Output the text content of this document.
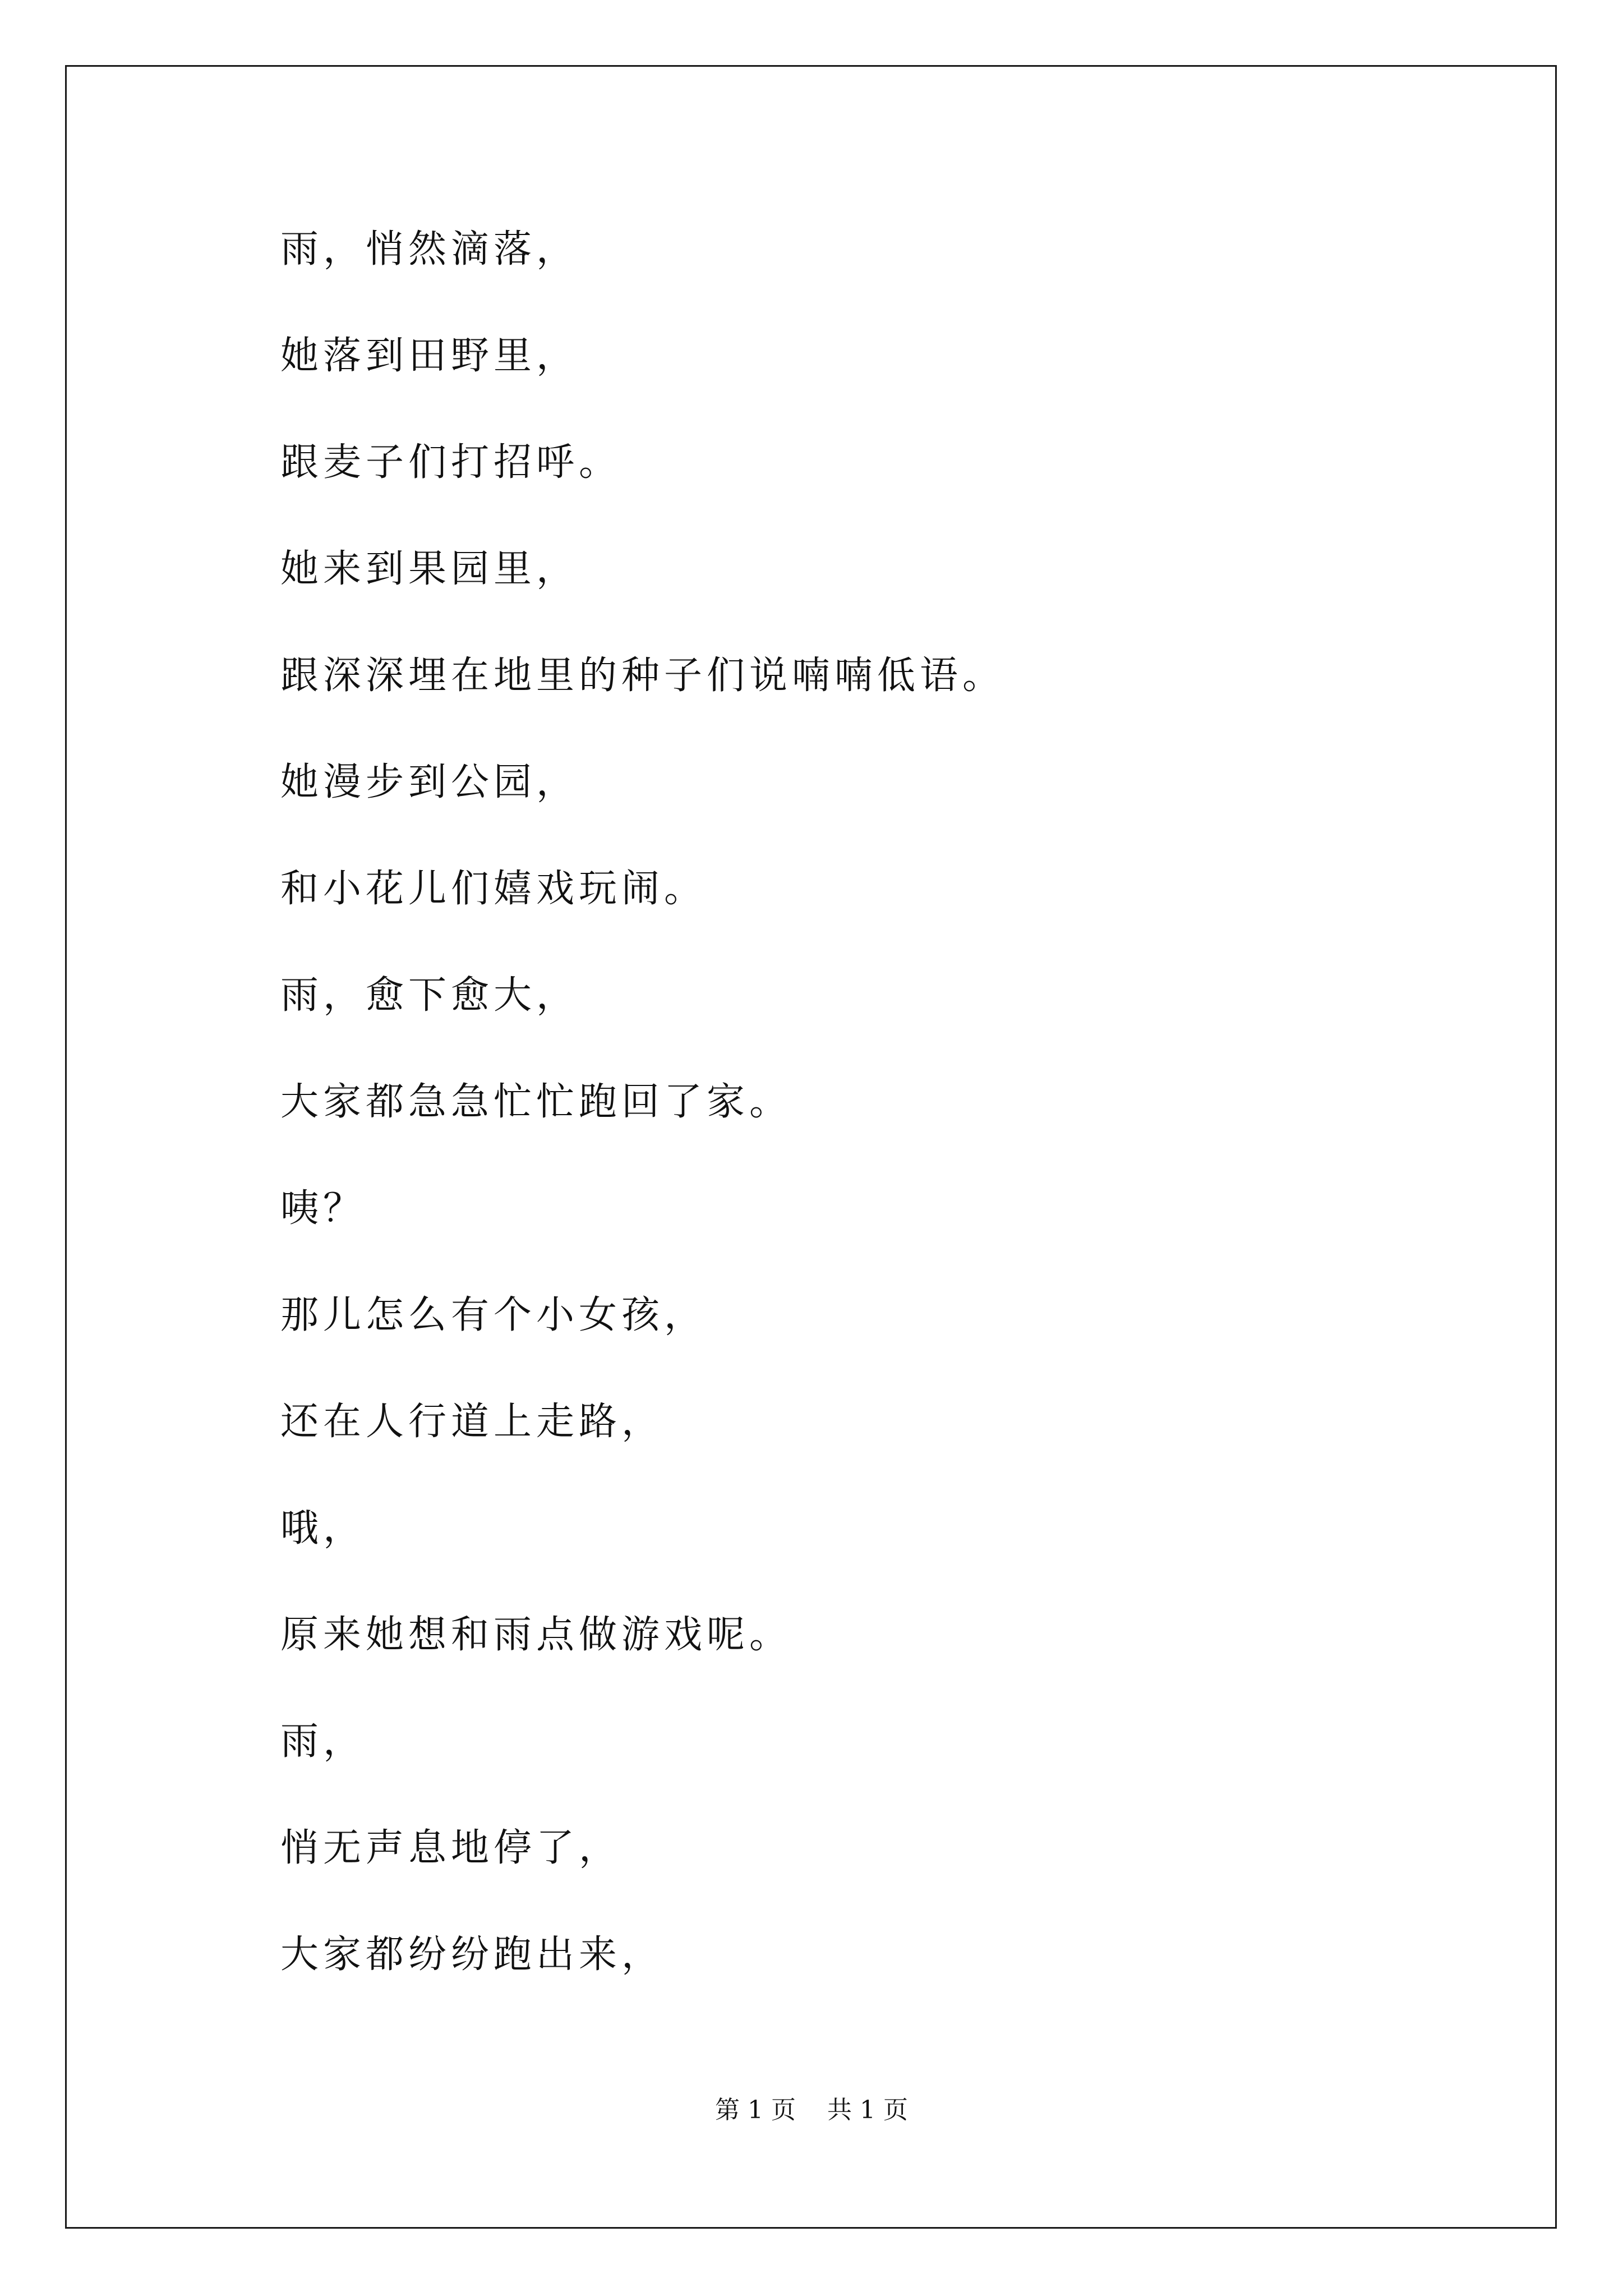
雨，悄然滴落，
她落到田野里，
跟麦子们打招呼。
她来到果园里，
跟深深埋在地里的种子们说喃喃低语。
她漫步到公园，
和小花儿们嬉戏玩闹。
雨，愈下愈大，
大家都急急忙忙跑回了家。
咦？
那儿怎么有个小女孩，
还在人行道上走路，
哦，
原来她想和雨点做游戏呢。
雨，
悄无声息地停了，
大家都纷纷跑出来，
第 1 页 共 1 页
